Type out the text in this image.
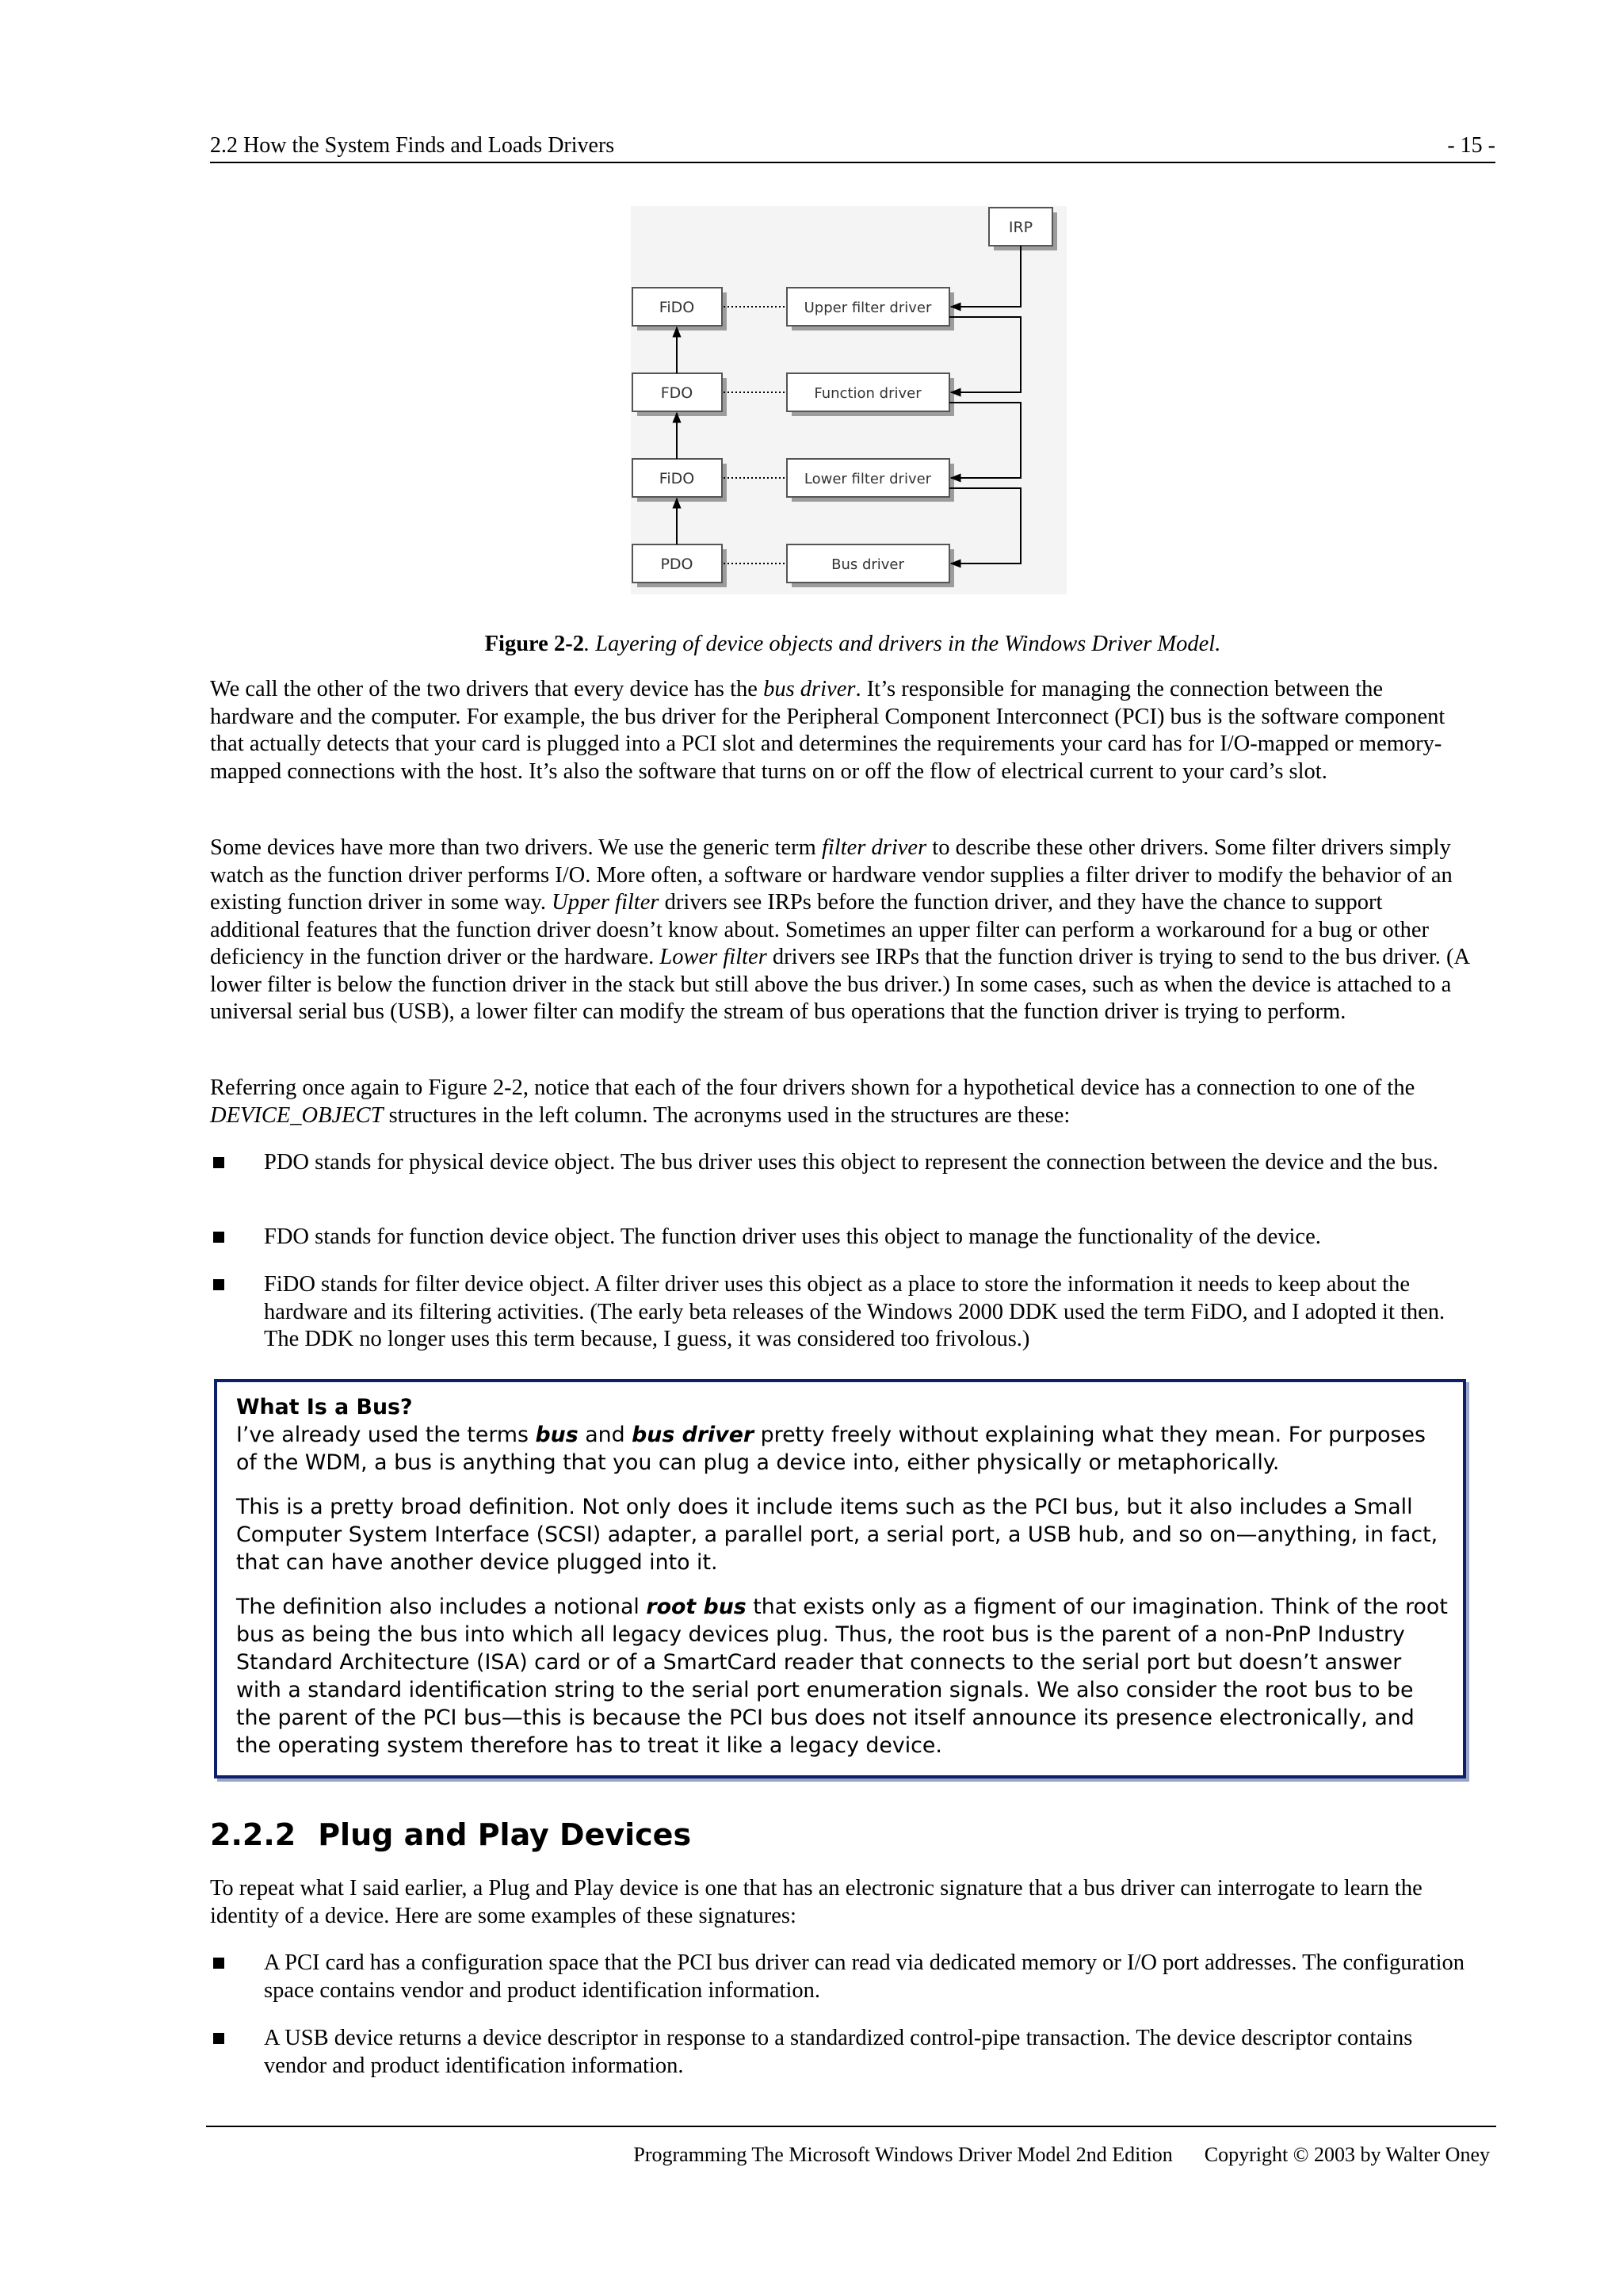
2.2 How the System Finds and Loads Drivers	- 15 -
IRP
FiDO
FDO
FiDO
PDO
Upper filter driver
Function driver
Lower filter driver
Bus driver
Figure 2-2. Layering of device objects and drivers in the Windows Driver Model.
We call the other of the two drivers that every device has the bus driver. It’s responsible for managing the connection between the hardware and the computer. For example, the bus driver for the Peripheral Component Interconnect (PCI) bus is the software component that actually detects that your card is plugged into a PCI slot and determines the requirements your card has for I/O-mapped or memory-mapped connections with the host. It’s also the software that turns on or off the flow of electrical current to your card’s slot.
Some devices have more than two drivers. We use the generic term filter driver to describe these other drivers. Some filter drivers simply watch as the function driver performs I/O. More often, a software or hardware vendor supplies a filter driver to modify the behavior of an existing function driver in some way. Upper filter drivers see IRPs before the function driver, and they have the chance to support additional features that the function driver doesn’t know about. Sometimes an upper filter can perform a workaround for a bug or other deficiency in the function driver or the hardware. Lower filter drivers see IRPs that the function driver is trying to send to the bus driver. (A lower filter is below the function driver in the stack but still above the bus driver.) In some cases, such as when the device is attached to a universal serial bus (USB), a lower filter can modify the stream of bus operations that the function driver is trying to perform.
Referring once again to Figure 2-2, notice that each of the four drivers shown for a hypothetical device has a connection to one of the DEVICE_OBJECT structures in the left column. The acronyms used in the structures are these:
PDO stands for physical device object. The bus driver uses this object to represent the connection between the device and the bus.
FDO stands for function device object. The function driver uses this object to manage the functionality of the device.
FiDO stands for filter device object. A filter driver uses this object as a place to store the information it needs to keep about the hardware and its filtering activities. (The early beta releases of the Windows 2000 DDK used the term FiDO, and I adopted it then. The DDK no longer uses this term because, I guess, it was considered too frivolous.)
What Is a Bus?

I’ve already used the terms bus and bus driver pretty freely without explaining what they mean. For purposes of the WDM, a bus is anything that you can plug a device into, either physically or metaphorically.

This is a pretty broad definition. Not only does it include items such as the PCI bus, but it also includes a Small Computer System Interface (SCSI) adapter, a parallel port, a serial port, a USB hub, and so on—anything, in fact, that can have another device plugged into it.

The definition also includes a notional root bus that exists only as a figment of our imagination. Think of the root bus as being the bus into which all legacy devices plug. Thus, the root bus is the parent of a non-PnP Industry Standard Architecture (ISA) card or of a SmartCard reader that connects to the serial port but doesn’t answer with a standard identification string to the serial port enumeration signals. We also consider the root bus to be the parent of the PCI bus—this is because the PCI bus does not itself announce its presence electronically, and the operating system therefore has to treat it like a legacy device.

2.2.2 Plug and Play Devices
To repeat what I said earlier, a Plug and Play device is one that has an electronic signature that a bus driver can interrogate to learn the identity of a device. Here are some examples of these signatures:
A PCI card has a configuration space that the PCI bus driver can read via dedicated memory or I/O port addresses. The configuration space contains vendor and product identification information.
A USB device returns a device descriptor in response to a standardized control-pipe transaction. The device descriptor contains vendor and product identification information.
Programming The Microsoft Windows Driver Model 2nd Edition Copyright © 2003 by Walter Oney
